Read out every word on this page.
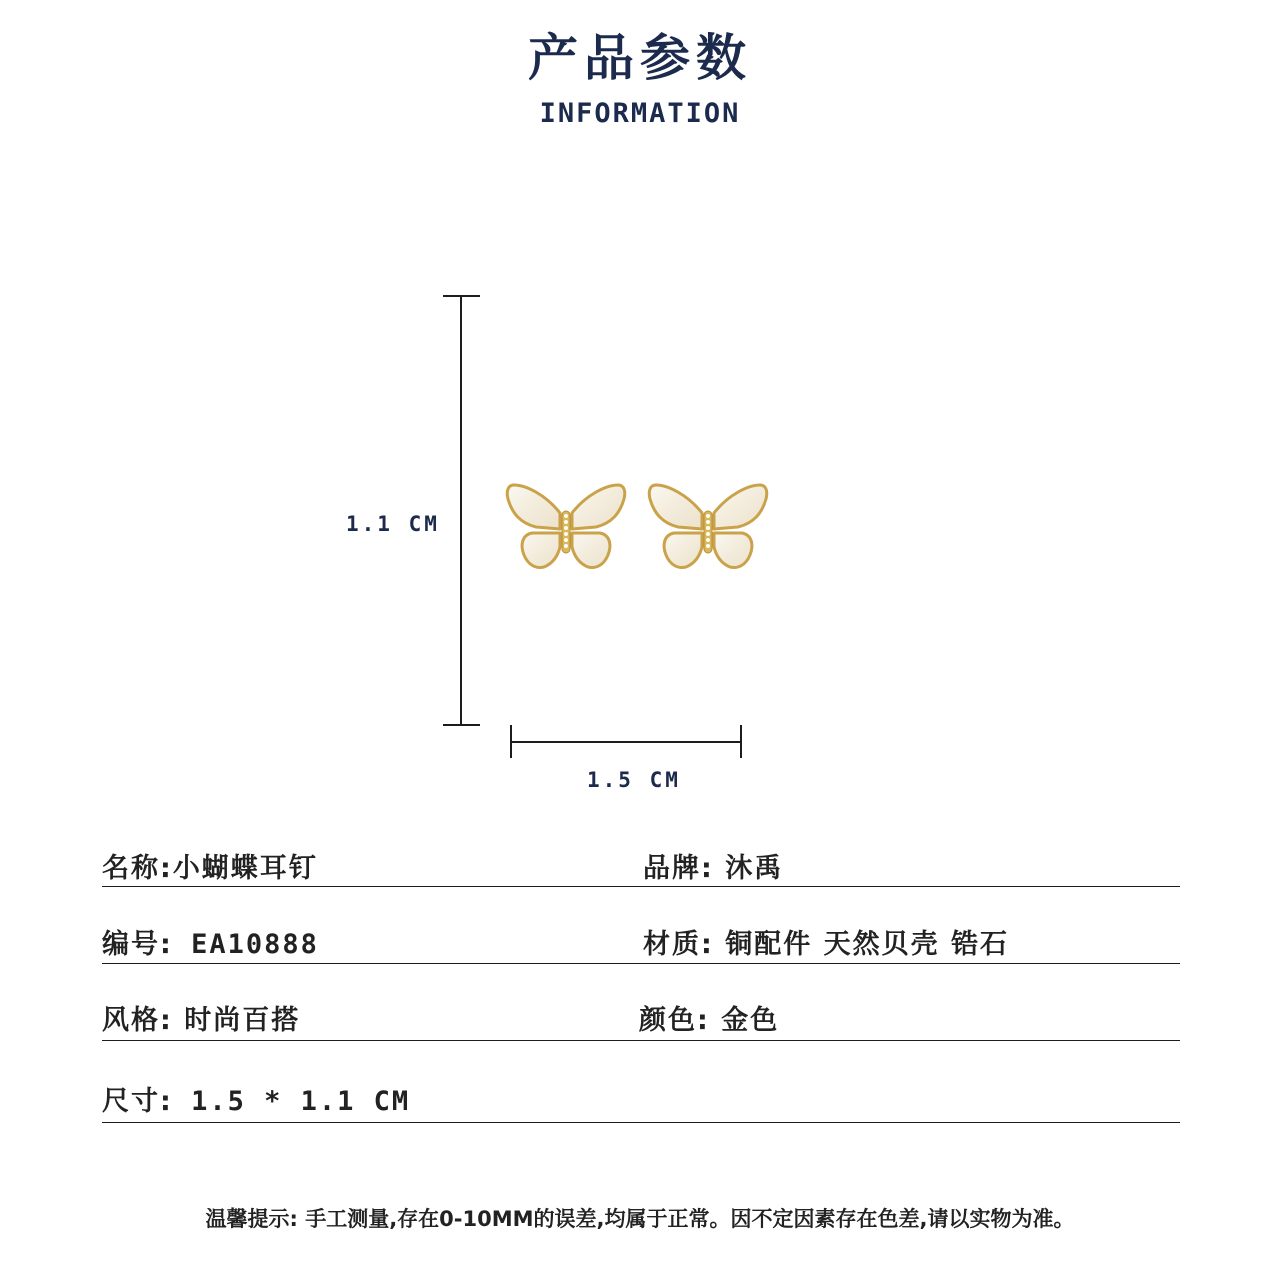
产品参数
INFORMATION
1.1 CM
1.5 CM
名称:小蝴蝶耳钉	品牌: 沐禹
编号: EA10888	材质: 铜配件 天然贝壳 锆石
风格: 时尚百搭	颜色: 金色
尺寸: 1.5 * 1.1 CM
温馨提示: 手工测量,存在0-10MM的误差,均属于正常。因不定因素存在色差,请以实物为准。
